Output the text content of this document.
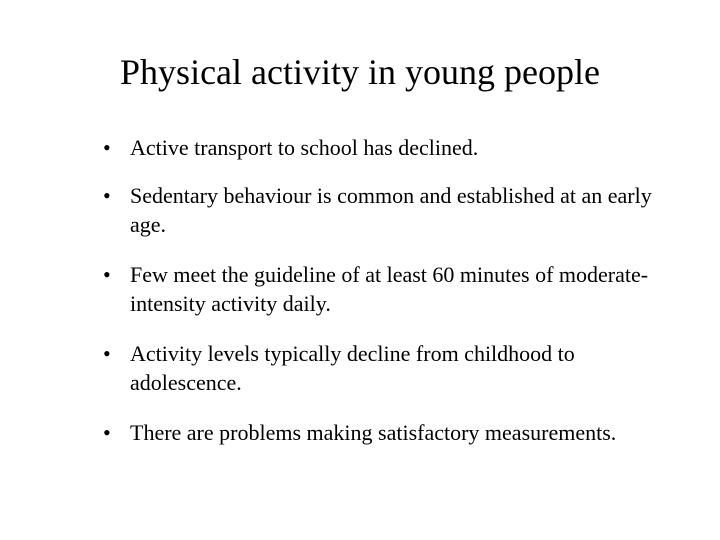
Physical activity in young people
• Active transport to school has declined.
• Sedentary behaviour is common and established at an early age.
• Few meet the guideline of at least 60 minutes of moderate-intensity activity daily.
• Activity levels typically decline from childhood to adolescence.
• There are problems making satisfactory measurements.
